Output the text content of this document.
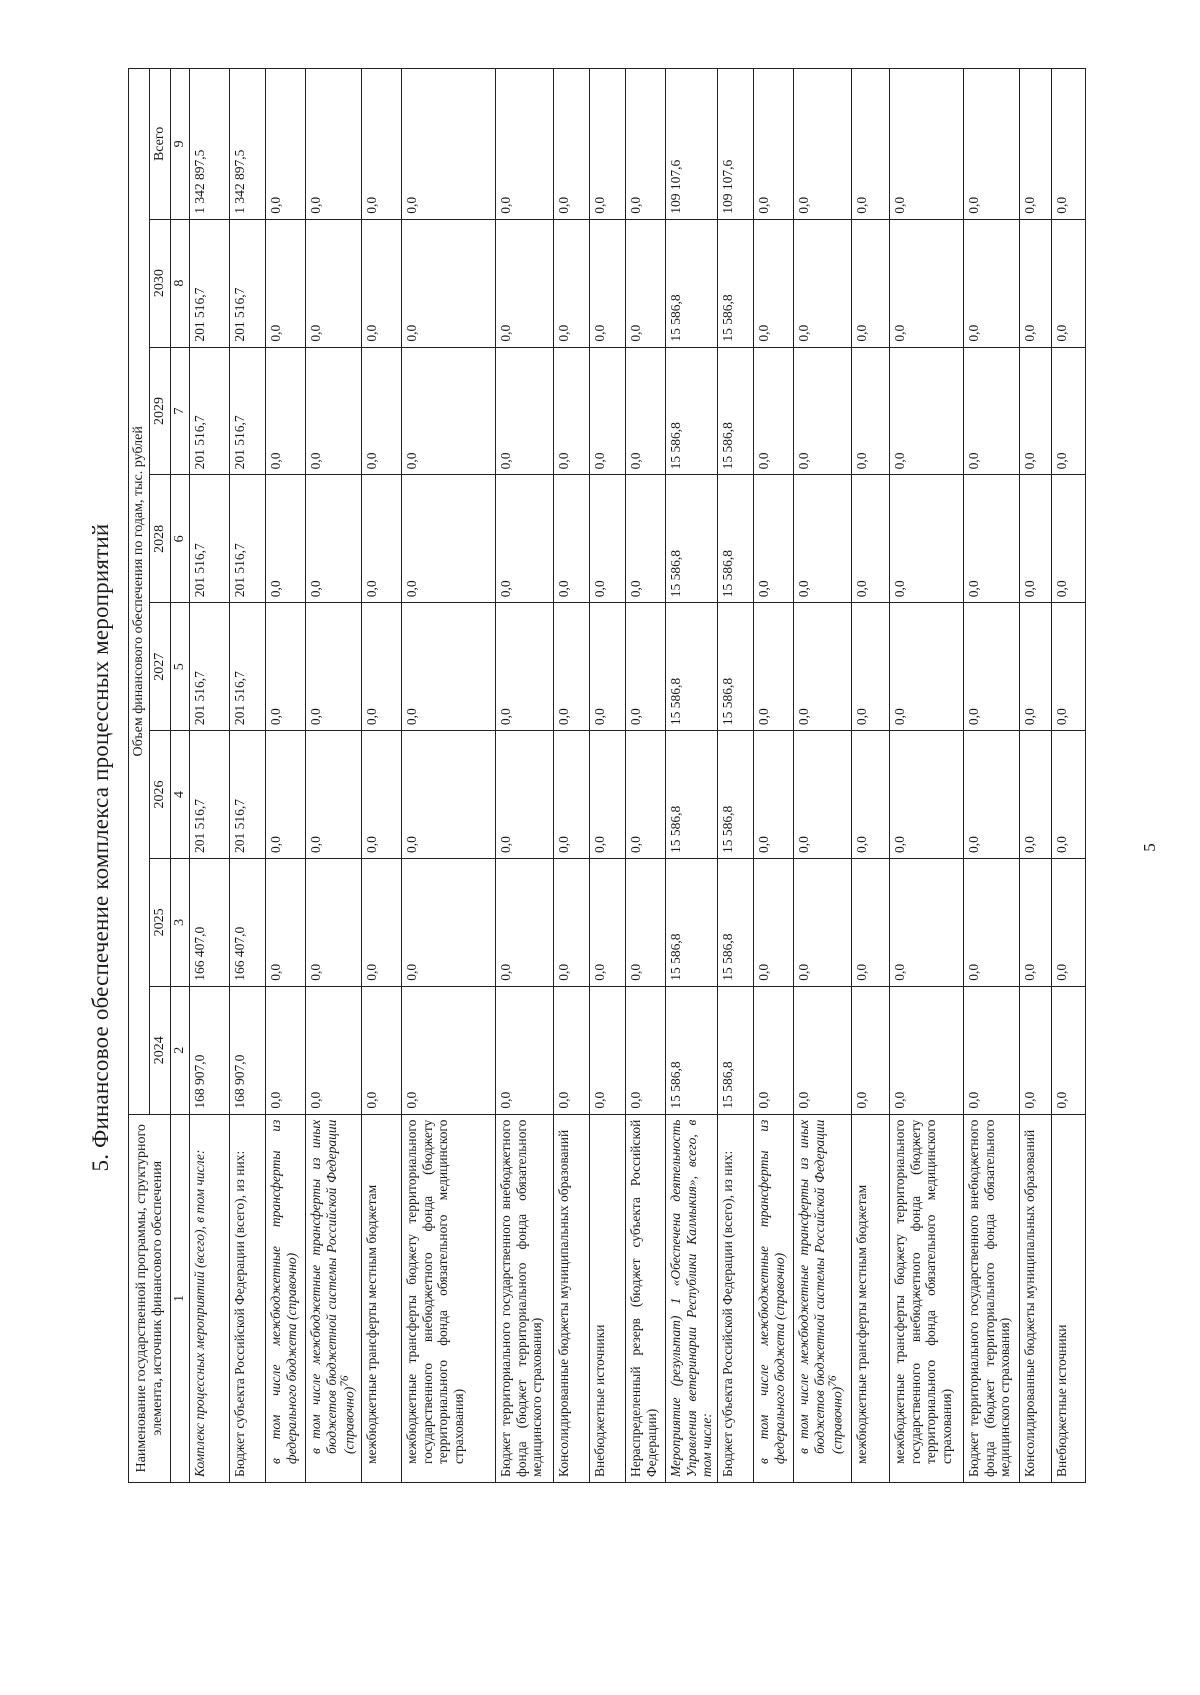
5. Финансовое обеспечение комплекса процессных мероприятий
Наименование государственной программы, структурного элемента, источник финансового обеспечения	Объем финансового обеспечения по годам, тыс. рублей							
	2024	2025	2026	2027	2028	2029	2030	Всего
1	2	3	4	5	6	7	8	9
Комплекс процессных мероприятий (всего), в том числе:	168 907,0	166 407,0	201 516,7	201 516,7	201 516,7	201 516,7	201 516,7	1 342 897,5
Бюджет субъекта Российской Федерации (всего), из них:	168 907,0	166 407,0	201 516,7	201 516,7	201 516,7	201 516,7	201 516,7	1 342 897,5
в том числе межбюджетные трансферты из федерального бюджета (справочно)	0,0	0,0	0,0	0,0	0,0	0,0	0,0	0,0
в том числе межбюджетные трансферты из иных бюджетов бюджетной системы Российской Федерации (справочно)$^{76}$	0,0	0,0	0,0	0,0	0,0	0,0	0,0	0,0
межбюджетные трансферты местным бюджетам	0,0	0,0	0,0	0,0	0,0	0,0	0,0	0,0
межбюджетные трансферты бюджету территориального государственного внебюджетного фонда (бюджету территориального фонда обязательного медицинского страхования)	0,0	0,0	0,0	0,0	0,0	0,0	0,0	0,0
Бюджет территориального государственного внебюджетного фонда (бюджет территориального фонда обязательного медицинского страхования)	0,0	0,0	0,0	0,0	0,0	0,0	0,0	0,0
Консолидированные бюджеты муниципальных образований	0,0	0,0	0,0	0,0	0,0	0,0	0,0	0,0
Внебюджетные источники	0,0	0,0	0,0	0,0	0,0	0,0	0,0	0,0
Нераспределенный резерв (бюджет субъекта Российской Федерации)	0,0	0,0	0,0	0,0	0,0	0,0	0,0	0,0
Мероприятие (результат) 1 «Обеспечена деятельность Управления ветеринарии Республики Калмыкия», всего, в том числе:	15 586,8	15 586,8	15 586,8	15 586,8	15 586,8	15 586,8	15 586,8	109 107,6
Бюджет субъекта Российской Федерации (всего), из них:	15 586,8	15 586,8	15 586,8	15 586,8	15 586,8	15 586,8	15 586,8	109 107,6
в том числе межбюджетные трансферты из федерального бюджета (справочно)	0,0	0,0	0,0	0,0	0,0	0,0	0,0	0,0
в том числе межбюджетные трансферты из иных бюджетов бюджетной системы Российской Федерации (справочно)$^{76}$	0,0	0,0	0,0	0,0	0,0	0,0	0,0	0,0
межбюджетные трансферты местным бюджетам	0,0	0,0	0,0	0,0	0,0	0,0	0,0	0,0
межбюджетные трансферты бюджету территориального государственного внебюджетного фонда (бюджету территориального фонда обязательного медицинского страхования)	0,0	0,0	0,0	0,0	0,0	0,0	0,0	0,0
Бюджет территориального государственного внебюджетного фонда (бюджет территориального фонда обязательного медицинского страхования)	0,0	0,0	0,0	0,0	0,0	0,0	0,0	0,0
Консолидированные бюджеты муниципальных образований	0,0	0,0	0,0	0,0	0,0	0,0	0,0	0,0
Внебюджетные источники	0,0	0,0	0,0	0,0	0,0	0,0	0,0	0,0
5
